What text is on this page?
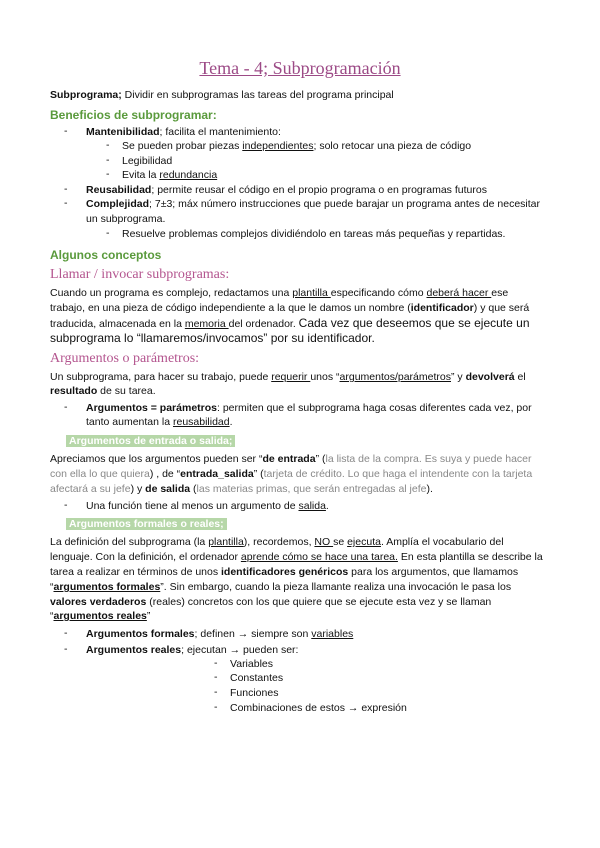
Tema - 4; Subprogramación
Subprograma; Dividir en subprogramas las tareas del programa principal
Beneficios de subprogramar:
- Mantenibilidad; facilita el mantenimiento:
- Se pueden probar piezas independientes; solo retocar una pieza de código
- Legibilidad
- Evita la redundancia
- Reusabilidad; permite reusar el código en el propio programa o en programas futuros
- Complejidad; 7±3; máx número instrucciones que puede barajar un programa antes de necesitar
un subprograma.
- Resuelve problemas complejos dividiéndolo en tareas más pequeñas y repartidas.
Algunos conceptos
Llamar / invocar subprogramas:
Cuando un programa es complejo, redactamos una plantilla especificando cómo deberá hacer ese
trabajo, en una pieza de código independiente a la que le damos un nombre (identificador) y que será
traducida, almacenada en la memoria del ordenador. Cada vez que deseemos que se ejecute un
subprograma lo “llamaremos/invocamos” por su identificador.
Argumentos o parámetros:
Un subprograma, para hacer su trabajo, puede requerir unos “argumentos/parámetros” y devolverá el
resultado de su tarea.
- Argumentos = parámetros: permiten que el subprograma haga cosas diferentes cada vez, por
tanto aumentan la reusabilidad.
Argumentos de entrada o salida;
Apreciamos que los argumentos pueden ser “de entrada” (la lista de la compra. Es suya y puede hacer
con ella lo que quiera) , de “entrada_salida” (tarjeta de crédito. Lo que haga el intendente con la tarjeta
afectará a su jefe) y de salida (las materias primas, que serán entregadas al jefe).
- Una función tiene al menos un argumento de salida.
Argumentos formales o reales;
La definición del subprograma (la plantilla), recordemos, NO se ejecuta. Amplía el vocabulario del
lenguaje. Con la definición, el ordenador aprende cómo se hace una tarea. En esta plantilla se describe la
tarea a realizar en términos de unos identificadores genéricos para los argumentos, que llamamos
“argumentos formales”. Sin embargo, cuando la pieza llamante realiza una invocación le pasa los
valores verdaderos (reales) concretos con los que quiere que se ejecute esta vez y se llaman
“argumentos reales”
- Argumentos formales; definen → siempre son variables
- Argumentos reales; ejecutan → pueden ser:
- Variables
- Constantes
- Funciones
- Combinaciones de estos → expresión
